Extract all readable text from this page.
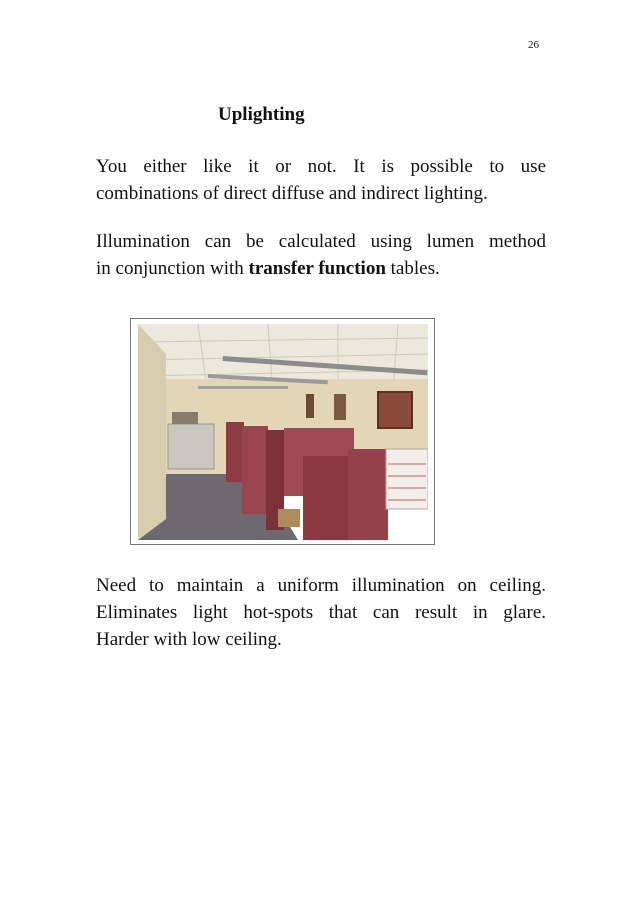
26
Uplighting

You either like it or not. It is possible to use
combinations of direct diffuse and indirect lighting.

Illumination can be calculated using lumen method
in conjunction with transfer function tables.

Need to maintain a uniform illumination on ceiling.
Eliminates light hot-spots that can result in glare.
Harder with low ceiling.
